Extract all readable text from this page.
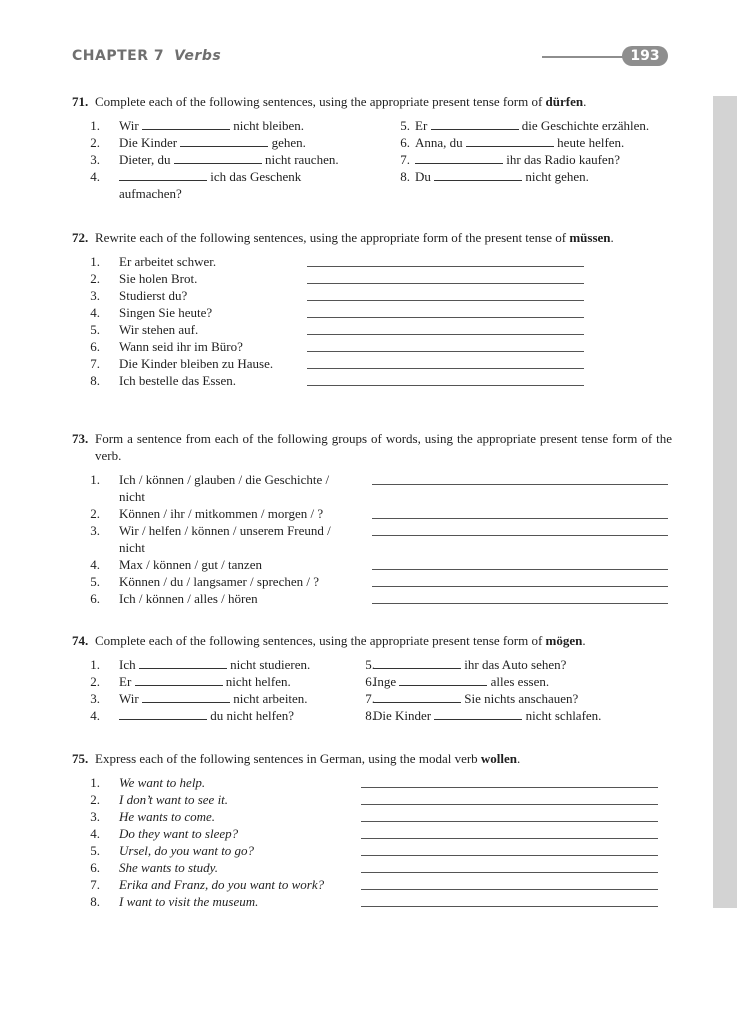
CHAPTER 7 Verbs	193
71. Complete each of the following sentences, using the appropriate present tense form of dürfen.
1. Wir	nicht bleiben.
2. Die Kinder	gehen.
3. Dieter, du	nicht rauchen.
4.	ich das Geschenk
aufmachen?
5. Er	die Geschichte erzählen.
6. Anna, du	heute helfen.
7.	ihr das Radio kaufen?
8. Du	nicht gehen.
72. Rewrite each of the following sentences, using the appropriate form of the present tense of müssen.
1. Er arbeitet schwer.
2. Sie holen Brot.
3. Studierst du?
4. Singen Sie heute?
5. Wir stehen auf.
6. Wann seid ihr im Büro?
7. Die Kinder bleiben zu Hause.
8. Ich bestelle das Essen.
73. Form a sentence from each of the following groups of words, using the appropriate present tense form of the verb.
1. Ich / können / glauben / die Geschichte /
nicht
2. Können / ihr / mitkommen / morgen / ?
3. Wir / helfen / können / unserem Freund /
nicht
4. Max / können / gut / tanzen
5. Können / du / langsamer / sprechen / ?
6. Ich / können / alles / hören
74. Complete each of the following sentences, using the appropriate present tense form of mögen.
1. Ich	nicht studieren.
2. Er	nicht helfen.
3. Wir	nicht arbeiten.
4.	du nicht helfen?
5.	ihr das Auto sehen?
6.
Inge	alles essen.
7.	Sie nichts anschauen?
8.
Die Kinder	nicht schlafen.
75. Express each of the following sentences in German, using the modal verb wollen.
1. We want to help.
2. I don’t want to see it.
3. He wants to come.
4. Do they want to sleep?
5. Ursel, do you want to go?
6. She wants to study.
7. Erika and Franz, do you want to work?
8. I want to visit the museum.
